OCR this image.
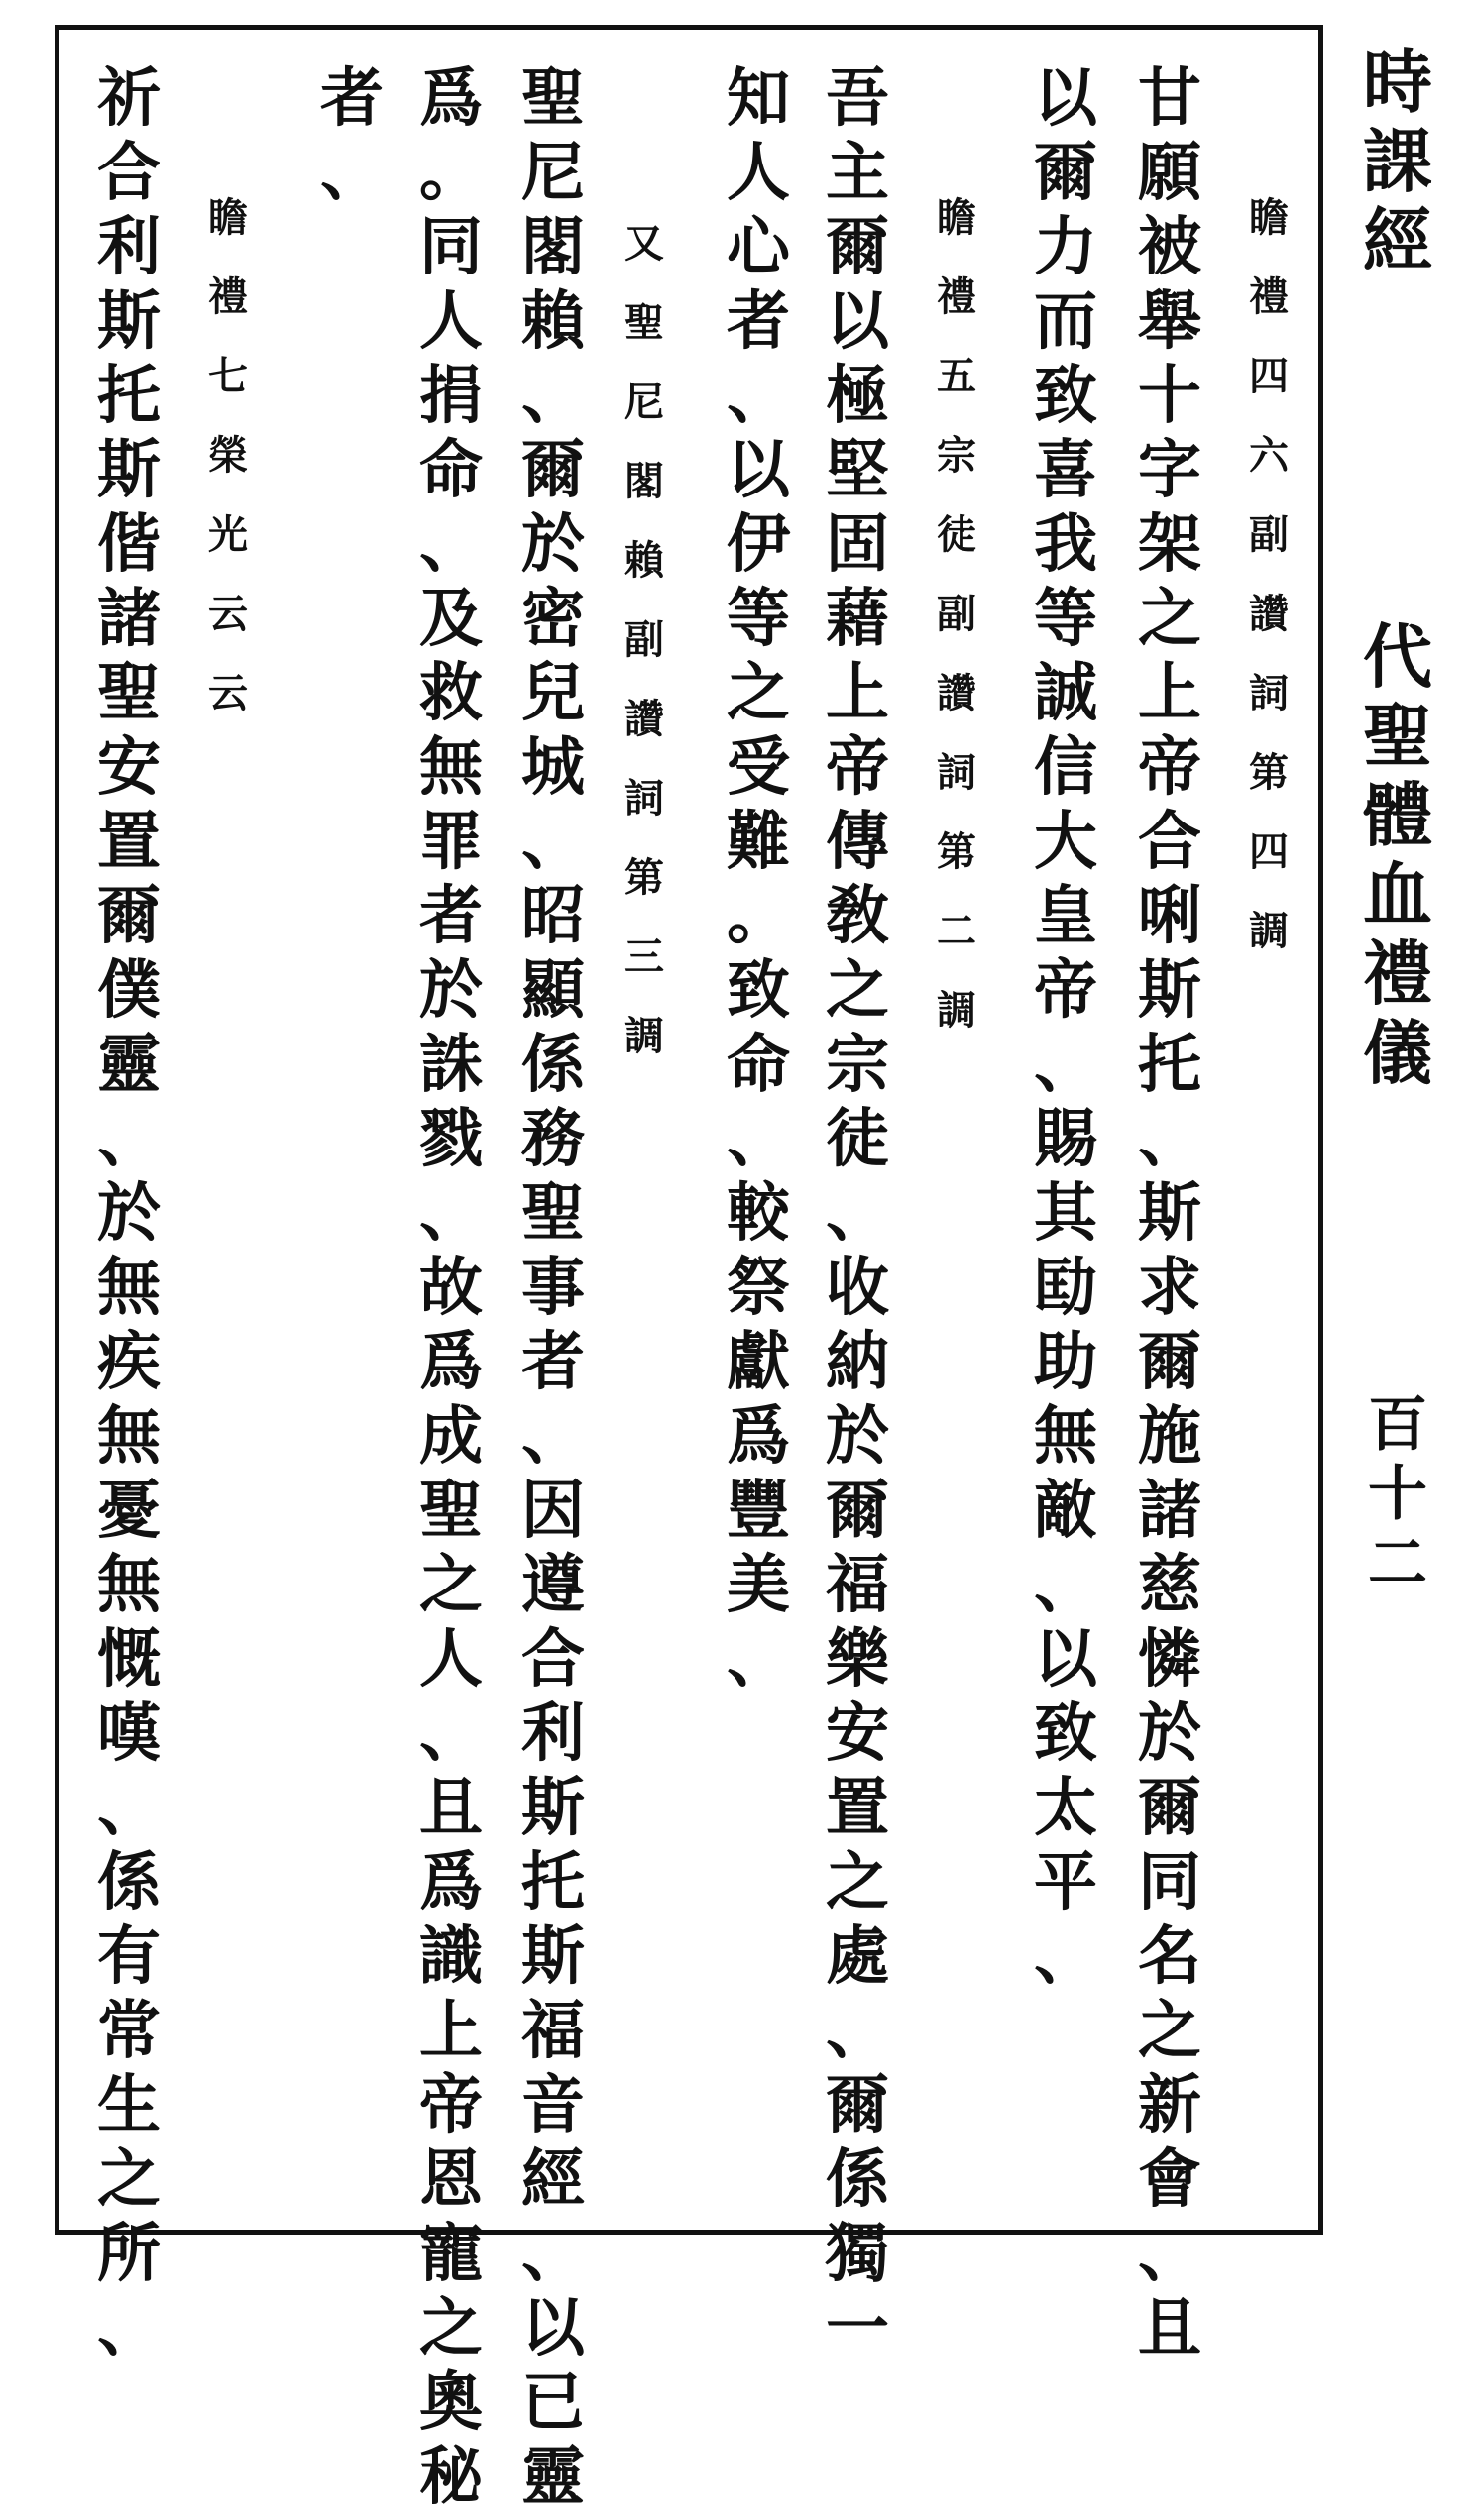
時
課
經
代
聖
體
血
禮
儀
百
十
二
瞻
禮
四
六
副
讚
詞
第
四
調
甘
願
被
舉
十
字
架
之
上
帝
合
唎
斯
托
、
斯
求
爾
施
諸
慈
憐
於
爾
同
名
之
新
會
、
且
以
爾
力
而
致
喜
我
等
誠
信
大
皇
帝
、
賜
其
劻
助
無
敵
、
以
致
太
平
、
瞻
禮
五
宗
徒
副
讚
詞
第
二
調
吾
主
爾
以
極
堅
固
藉
上
帝
傳
敎
之
宗
徒
、
收
納
於
爾
福
樂
安
置
之
處
、
爾
係
獨
一
知
人
心
者
、
以
伊
等
之
受
難
。
致
命
、
較
祭
獻
爲
豐
美
、
又
聖
尼
閣
賴
副
讚
詞
第
三
調
聖
尼
閣
賴
、
爾
於
密
兒
城
、
昭
顯
係
務
聖
事
者
、
因
遵
合
利
斯
托
斯
福
音
經
、
以
已
靈
爲
。
同
人
捐
命
、
及
救
無
罪
者
於
誅
戮
、
故
爲
成
聖
之
人
、
且
爲
識
上
帝
恩
寵
之
奧
秘
者
、
瞻
禮
七
榮
光
云
云
祈
合
利
斯
托
斯
偕
諸
聖
安
置
爾
僕
靈
、
於
無
疾
無
憂
無
慨
嘆
、
係
有
常
生
之
所
、
